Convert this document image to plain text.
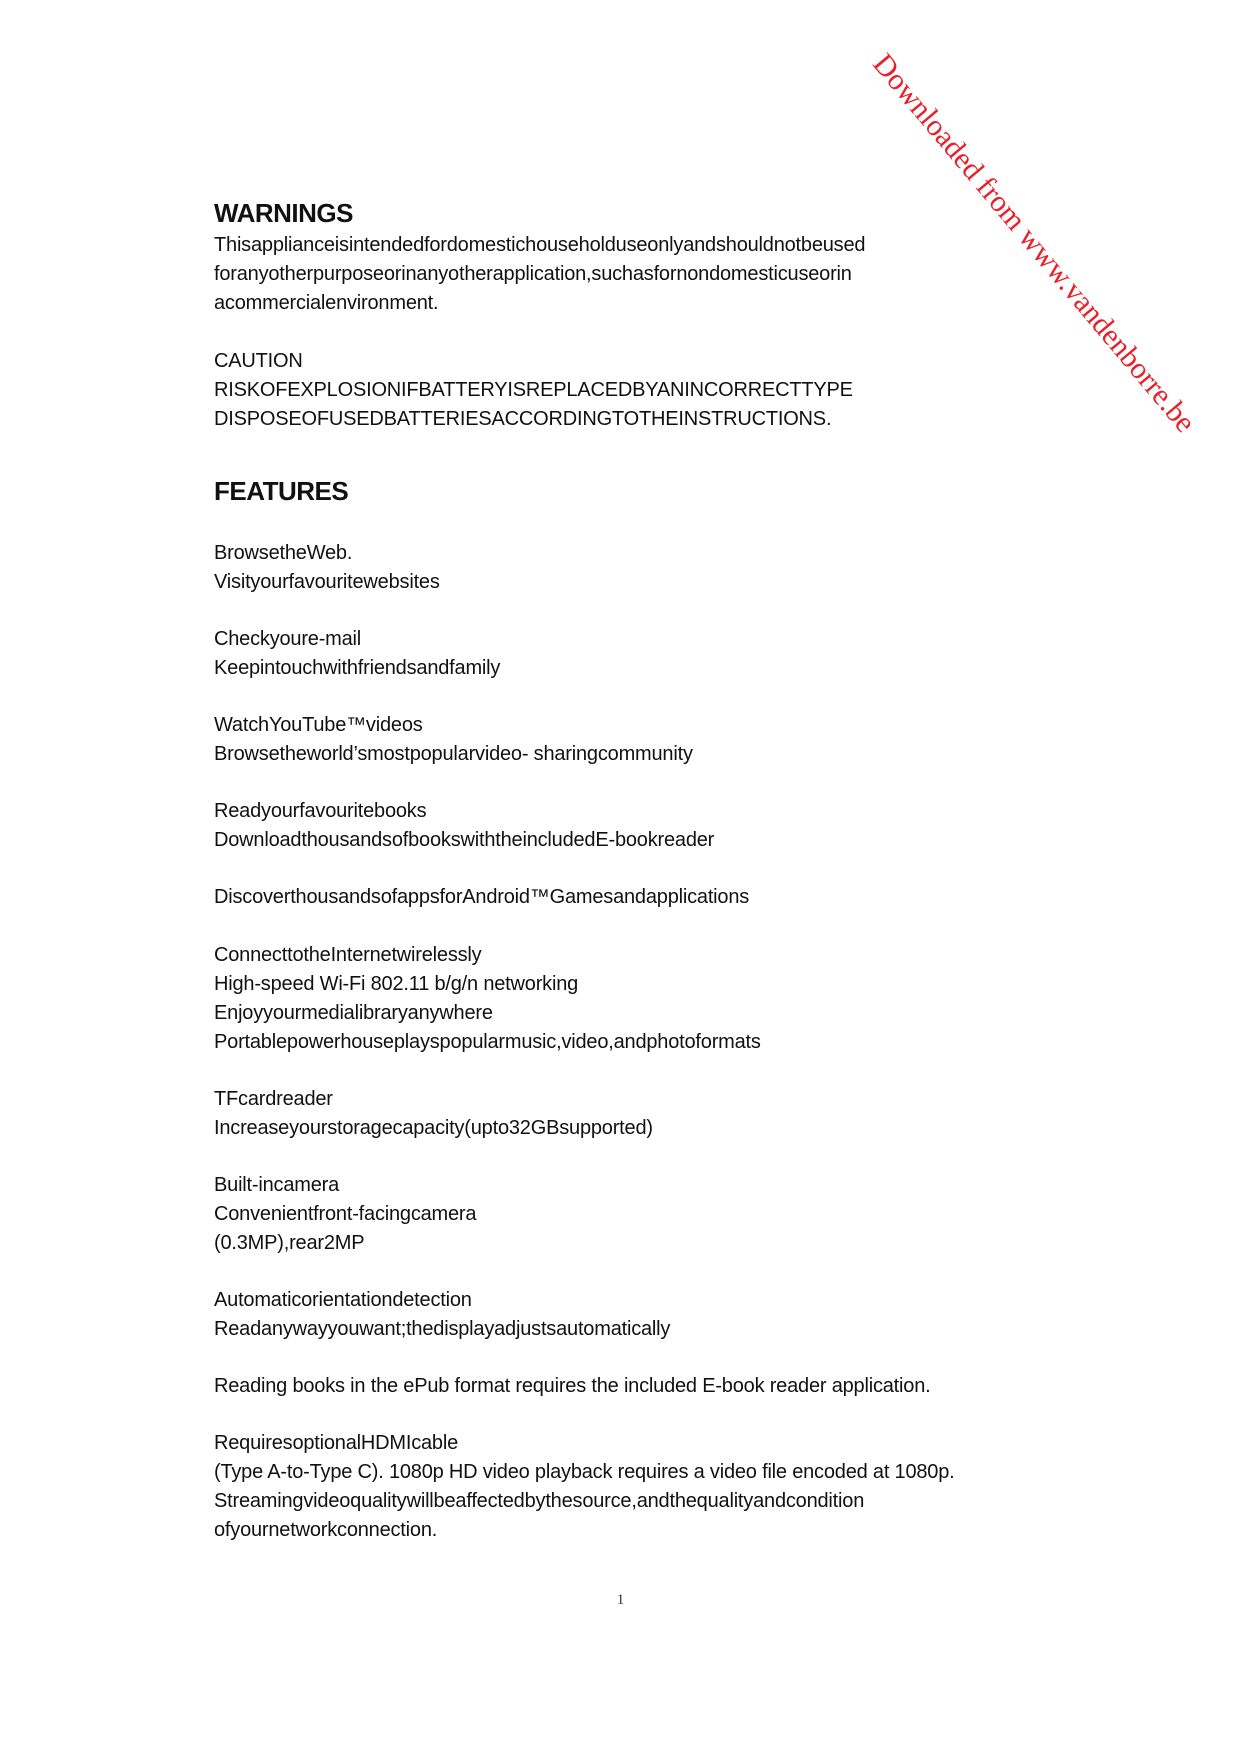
Downloaded from www.vandenborre.be
WARNINGS
Thisapplianceisintendedfordomestichouseholduseonlyandshouldnotbeused
foranyotherpurposeorinanyotherapplication,suchasfornondomesticuseorin
acommercialenvironment.
CAUTION
RISKOFEXPLOSIONIFBATTERYISREPLACEDBYANINCORRECTTYPE
DISPOSEOFUSEDBATTERIESACCORDINGTOTHEINSTRUCTIONS.
FEATURES
BrowsetheWeb.
Visityourfavouritewebsites
Checkyoure-mail
Keepintouchwithfriendsandfamily
WatchYouTube™videos
Browsetheworld’smostpopularvideo- sharingcommunity
Readyourfavouritebooks
DownloadthousandsofbookswiththeincludedE-bookreader
DiscoverthousandsofappsforAndroid™Gamesandapplications
ConnecttotheInternetwirelessly
High-speed Wi-Fi 802.11 b/g/n networking
Enjoyyourmedialibraryanywhere
Portablepowerhouseplayspopularmusic,video,andphotoformats
TFcardreader
Increaseyourstoragecapacity(upto32GBsupported)
Built-incamera
Convenientfront-facingcamera
(0.3MP),rear2MP
Automaticorientationdetection
Readanywayyouwant;thedisplayadjustsautomatically
Reading books in the ePub format requires the included E-book reader application.
RequiresoptionalHDMIcable
(Type A-to-Type C). 1080p HD video playback requires a video file encoded at 1080p.
Streamingvideoqualitywillbeaffectedbythesource,andthequalityandcondition
ofyournetworkconnection.
1
